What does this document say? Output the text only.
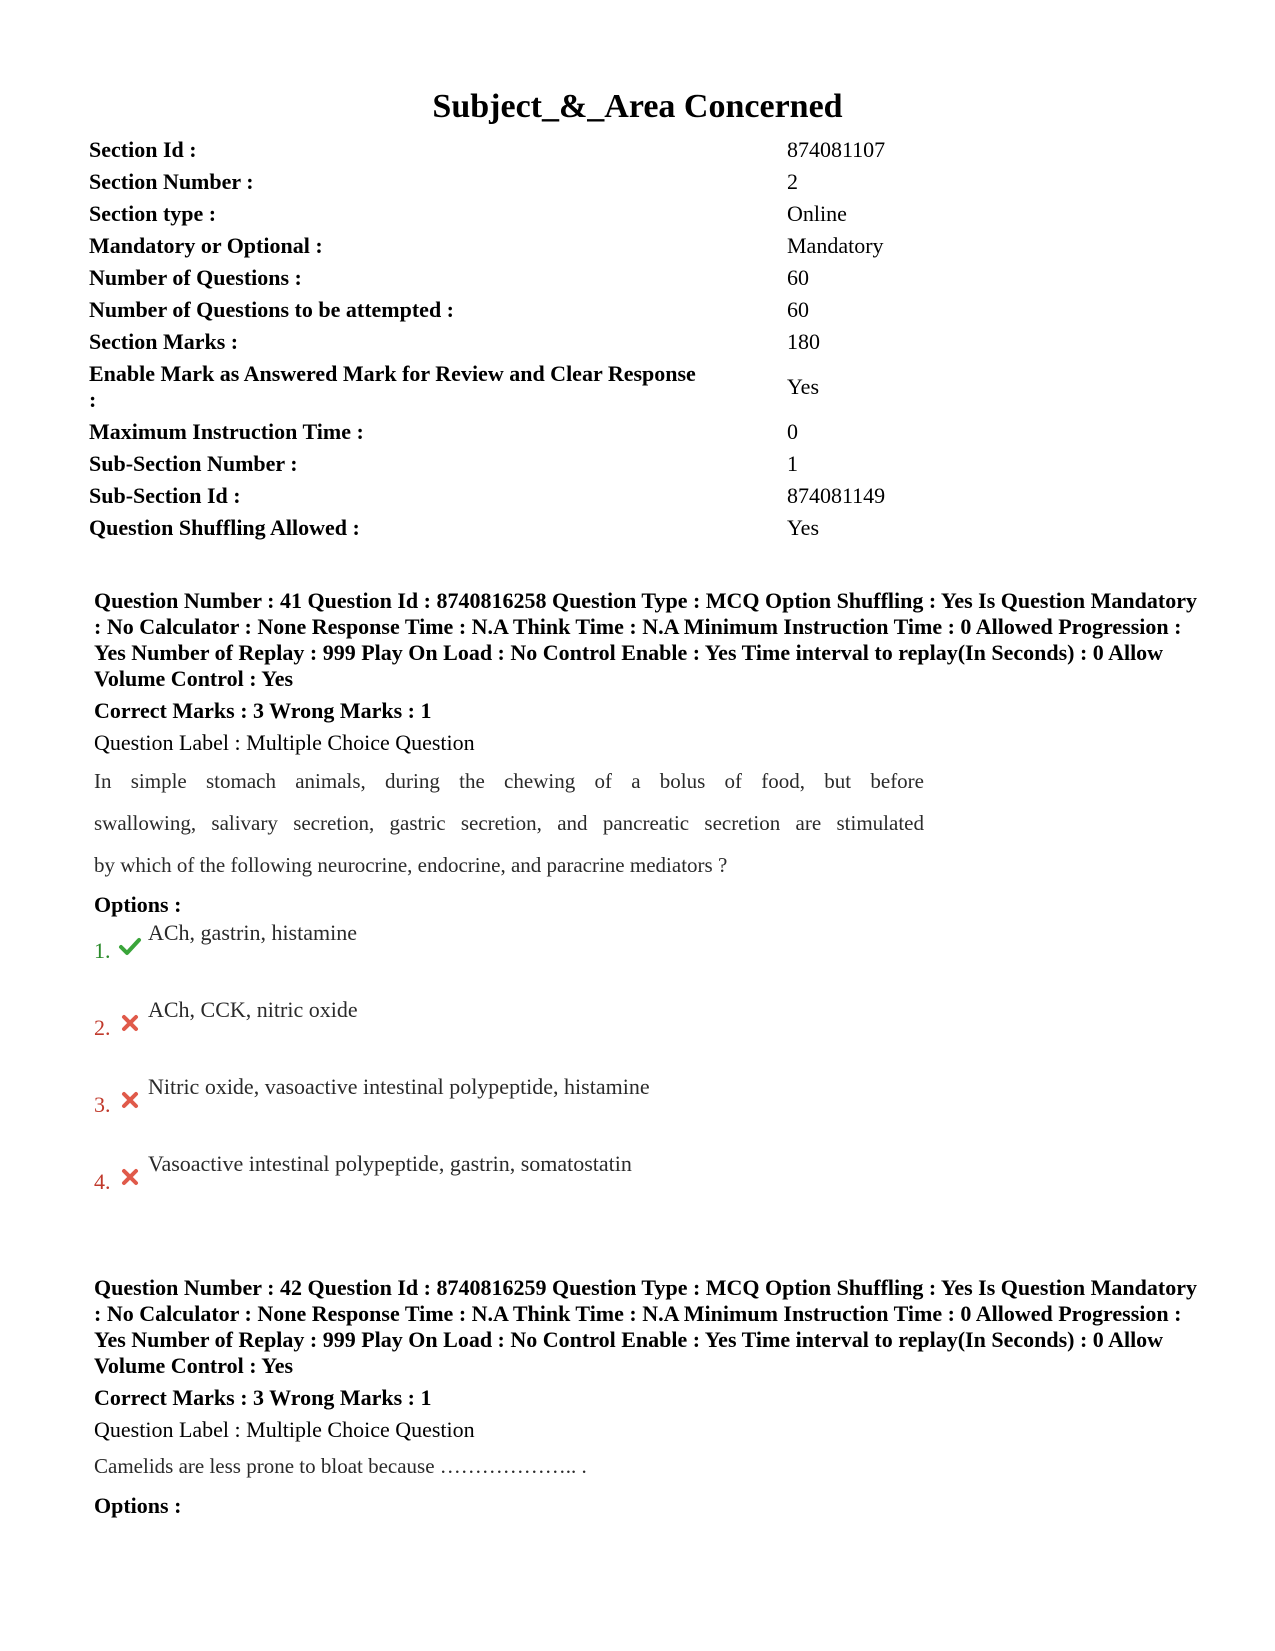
Subject_&_Area Concerned
Section Id :	874081107
Section Number :	2
Section type :	Online
Mandatory or Optional :	Mandatory
Number of Questions :	60
Number of Questions to be attempted :	60
Section Marks :	180
Enable Mark as Answered Mark for Review and Clear Response :	Yes
Maximum Instruction Time :	0
Sub-Section Number :	1
Sub-Section Id :	874081149
Question Shuffling Allowed :	Yes

Question Number : 41 Question Id : 8740816258 Question Type : MCQ Option Shuffling : Yes Is Question Mandatory : No Calculator : None Response Time : N.A Think Time : N.A Minimum Instruction Time : 0 Allowed Progression : Yes Number of Replay : 999 Play On Load : No Control Enable : Yes Time interval to replay(In Seconds) : 0 Allow Volume Control : Yes

Correct Marks : 3 Wrong Marks : 1
Question Label : Multiple Choice Question
In simple stomach animals, during the chewing of a bolus of food, but before
swallowing, salivary secretion, gastric secretion, and pancreatic secretion are stimulated
by which of the following neurocrine, endocrine, and paracrine mediators ?
Options :
1.
ACh, gastrin, histamine
2.
ACh, CCK, nitric oxide
3.
Nitric oxide, vasoactive intestinal polypeptide, histamine
4.
Vasoactive intestinal polypeptide, gastrin, somatostatin

Question Number : 42 Question Id : 8740816259 Question Type : MCQ Option Shuffling : Yes Is Question Mandatory : No Calculator : None Response Time : N.A Think Time : N.A Minimum Instruction Time : 0 Allowed Progression : Yes Number of Replay : 999 Play On Load : No Control Enable : Yes Time interval to replay(In Seconds) : 0 Allow Volume Control : Yes

Correct Marks : 3 Wrong Marks : 1
Question Label : Multiple Choice Question
Camelids are less prone to bloat because ……………….. .
Options :
